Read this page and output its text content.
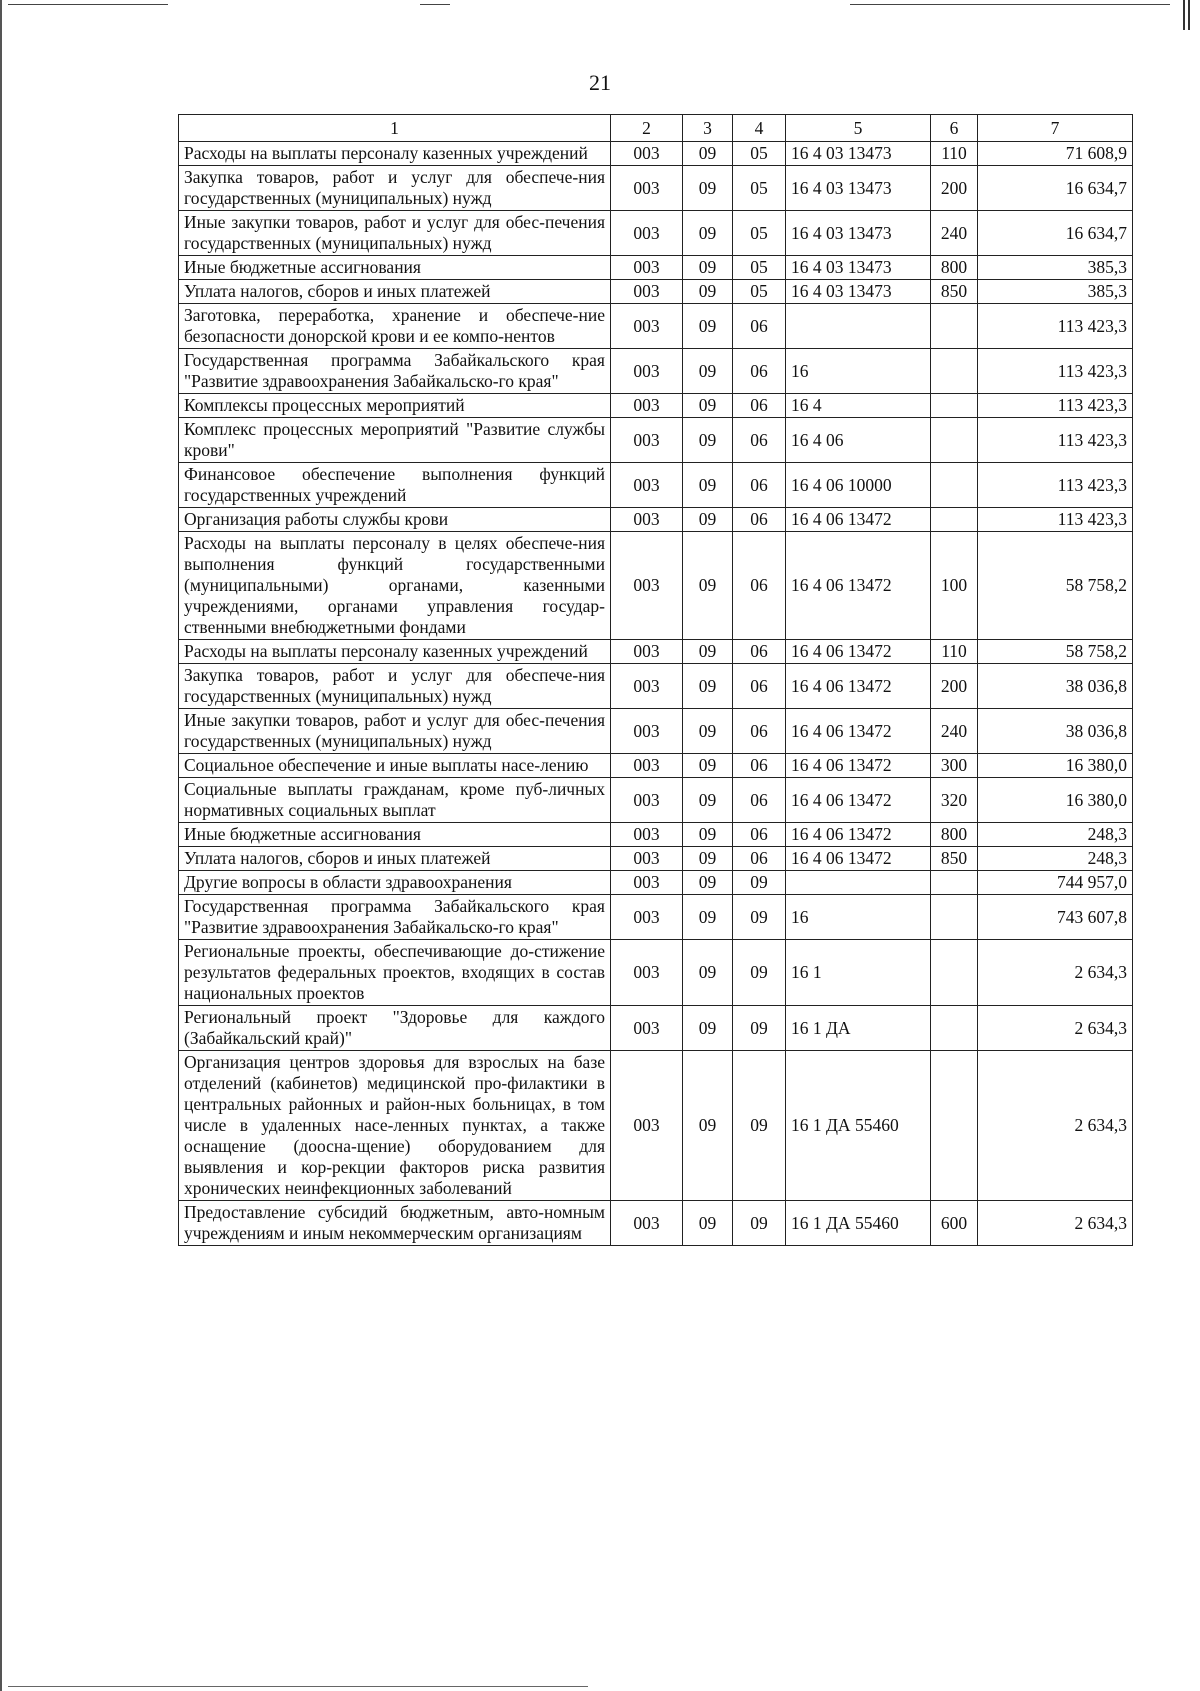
21
1	2	3	4	5	6	7
Расходы на выплаты персоналу казенных учреждений	003	09	05	16 4 03 13473	110	71 608,9
Закупка товаров, работ и услуг для обеспече-ния государственных (муниципальных) нужд	003	09	05	16 4 03 13473	200	16 634,7
Иные закупки товаров, работ и услуг для обес-печения государственных (муниципальных) нужд	003	09	05	16 4 03 13473	240	16 634,7
Иные бюджетные ассигнования	003	09	05	16 4 03 13473	800	385,3
Уплата налогов, сборов и иных платежей	003	09	05	16 4 03 13473	850	385,3
Заготовка, переработка, хранение и обеспече-ние безопасности донорской крови и ее компо-нентов	003	09	06			113 423,3
Государственная программа Забайкальского края "Развитие здравоохранения Забайкальско-го края"	003	09	06	16		113 423,3
Комплексы процессных мероприятий	003	09	06	16 4		113 423,3
Комплекс процессных мероприятий "Развитие службы крови"	003	09	06	16 4 06		113 423,3
Финансовое обеспечение выполнения функций государственных учреждений	003	09	06	16 4 06 10000		113 423,3
Организация работы службы крови	003	09	06	16 4 06 13472		113 423,3
Расходы на выплаты персоналу в целях обеспече-ния выполнения функций государственными (муниципальными) органами, казенными учреждениями, органами управления государ-ственными внебюджетными фондами	003	09	06	16 4 06 13472	100	58 758,2
Расходы на выплаты персоналу казенных учреждений	003	09	06	16 4 06 13472	110	58 758,2
Закупка товаров, работ и услуг для обеспече-ния государственных (муниципальных) нужд	003	09	06	16 4 06 13472	200	38 036,8
Иные закупки товаров, работ и услуг для обес-печения государственных (муниципальных) нужд	003	09	06	16 4 06 13472	240	38 036,8
Социальное обеспечение и иные выплаты насе-лению	003	09	06	16 4 06 13472	300	16 380,0
Социальные выплаты гражданам, кроме пуб-личных нормативных социальных выплат	003	09	06	16 4 06 13472	320	16 380,0
Иные бюджетные ассигнования	003	09	06	16 4 06 13472	800	248,3
Уплата налогов, сборов и иных платежей	003	09	06	16 4 06 13472	850	248,3
Другие вопросы в области здравоохранения	003	09	09			744 957,0
Государственная программа Забайкальского края "Развитие здравоохранения Забайкальско-го края"	003	09	09	16		743 607,8
Региональные проекты, обеспечивающие до-стижение результатов федеральных проектов, входящих в состав национальных проектов	003	09	09	16 1		2 634,3
Региональный проект "Здоровье для каждого (Забайкальский край)"	003	09	09	16 1 ДА		2 634,3
Организация центров здоровья для взрослых на базе отделений (кабинетов) медицинской про-филактики в центральных районных и район-ных больницах, в том числе в удаленных насе-ленных пунктах, а также оснащение (доосна-щение) оборудованием для выявления и кор-рекции факторов риска развития хронических неинфекционных заболеваний	003	09	09	16 1 ДА 55460		2 634,3
Предоставление субсидий бюджетным, авто-номным учреждениям и иным некоммерческим организациям	003	09	09	16 1 ДА 55460	600	2 634,3
